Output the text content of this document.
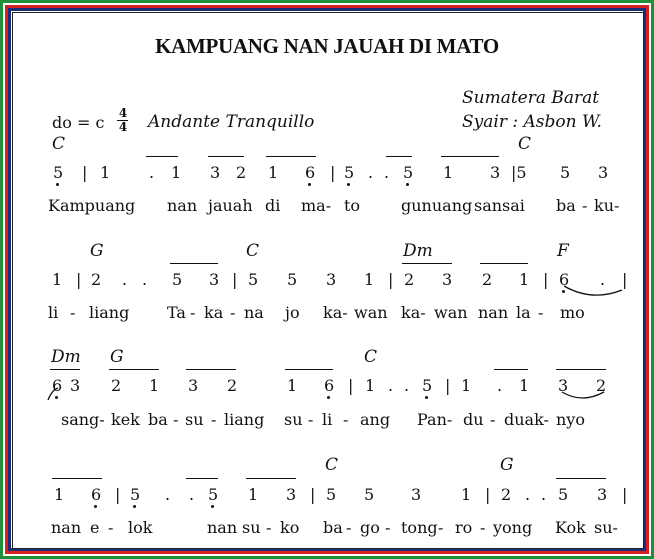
KAMPUANG NAN JAUAH DI MATO
Sumatera Barat
Syair : Asbon W.
do = c 4
4 Andante Tranquillo
C	C
5 | 1 . 1 3 2 1 6 | 5 . . 5 1 3 |5 5 3
Kampuang nan jauah di ma- to	gunuang sansai ba - ku-
G	C	Dm	F
1 | 2 . . 5 3 | 5 5 3 1 | 2 3 2 1 | 6 . |
li - liang Ta - ka - na jo ka- wan ka- wan nan la - mo
Dm G	C
6 3 2 1 3 2	1 6 | 1 . . 5 | 1 . 1 3 2
sang- kek ba - su - liang su - li - ang Pan- du - duak- nyo
C	G
1 6 | 5 . . 5 1 3 | 5 5 3 1 | 2 . . 5 3 |
nan e - lok	nan su - ko ba - go - tong - ro - yong Kok su-
